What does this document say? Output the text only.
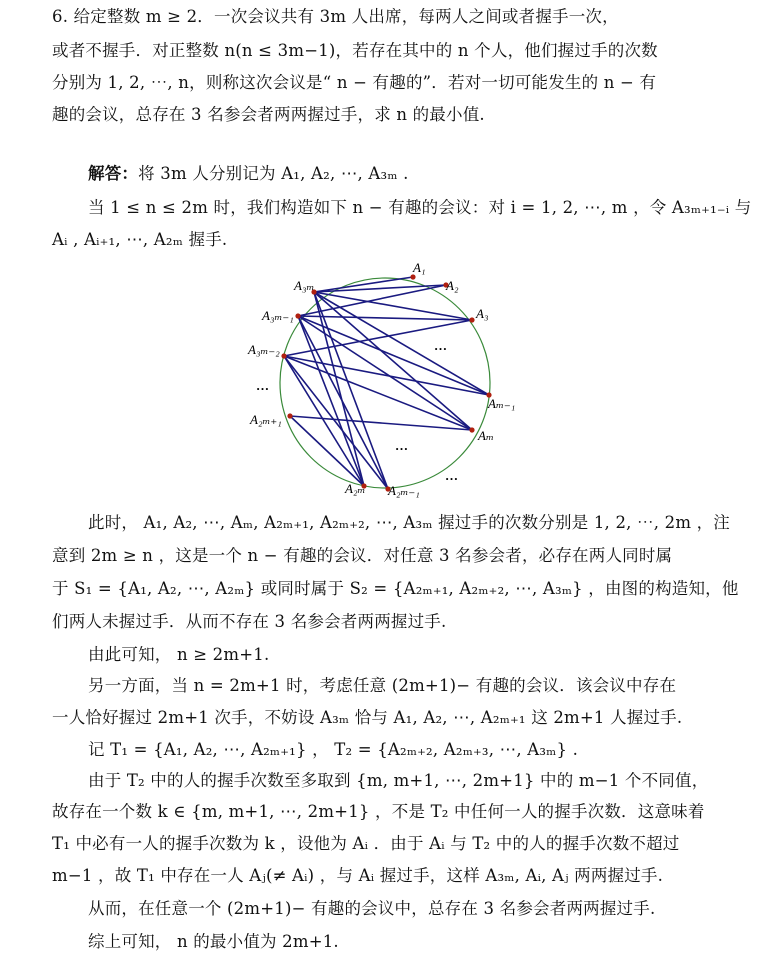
6. 给定整数 m ≥ 2．一次会议共有 3m 人出席，每两人之间或者握手一次，
或者不握手．对正整数 n(n ≤ 3m−1)，若存在其中的 n 个人，他们握过手的次数
分别为 1, 2, ⋯, n，则称这次会议是“ n − 有趣的”．若对一切可能发生的 n − 有
趣的会议，总存在 3 名参会者两两握过手，求 n 的最小值.
解答：将 3m 人分别记为 A₁, A₂, ⋯, A₃ₘ .
当 1 ≤ n ≤ 2m 时，我们构造如下 n − 有趣的会议：对 i = 1, 2, ⋯, m ，令 A₃ₘ₊₁₋ᵢ 与
Aᵢ , Aᵢ₊₁, ⋯, A₂ₘ 握手.
A₁
A₂
A₃
A₃ₘ
A₃ₘ₋₁
A₃ₘ₋₂
A₂ₘ₊₁
Aₘ₋₁
Aₘ
A₂ₘ A₂ₘ₋₁
…
…
…
…
此时， A₁, A₂, ⋯, Aₘ, A₂ₘ₊₁, A₂ₘ₊₂, ⋯, A₃ₘ 握过手的次数分别是 1, 2, ⋯, 2m ，注
意到 2m ≥ n ，这是一个 n − 有趣的会议．对任意 3 名参会者，必存在两人同时属
于 S₁ = {A₁, A₂, ⋯, A₂ₘ} 或同时属于 S₂ = {A₂ₘ₊₁, A₂ₘ₊₂, ⋯, A₃ₘ} ，由图的构造知，他
们两人未握过手．从而不存在 3 名参会者两两握过手.
由此可知， n ≥ 2m+1.
另一方面，当 n = 2m+1 时，考虑任意 (2m+1)− 有趣的会议．该会议中存在
一人恰好握过 2m+1 次手，不妨设 A₃ₘ 恰与 A₁, A₂, ⋯, A₂ₘ₊₁ 这 2m+1 人握过手.
记 T₁ = {A₁, A₂, ⋯, A₂ₘ₊₁} ， T₂ = {A₂ₘ₊₂, A₂ₘ₊₃, ⋯, A₃ₘ} .
由于 T₂ 中的人的握手次数至多取到 {m, m+1, ⋯, 2m+1} 中的 m−1 个不同值，
故存在一个数 k ∈ {m, m+1, ⋯, 2m+1} ，不是 T₂ 中任何一人的握手次数．这意味着
T₁ 中必有一人的握手次数为 k ，设他为 Aᵢ ．由于 Aᵢ 与 T₂ 中的人的握手次数不超过
m−1 ，故 T₁ 中存在一人 Aⱼ(≠ Aᵢ) ，与 Aᵢ 握过手，这样 A₃ₘ, Aᵢ, Aⱼ 两两握过手.
从而，在任意一个 (2m+1)− 有趣的会议中，总存在 3 名参会者两两握过手.
综上可知， n 的最小值为 2m+1.
